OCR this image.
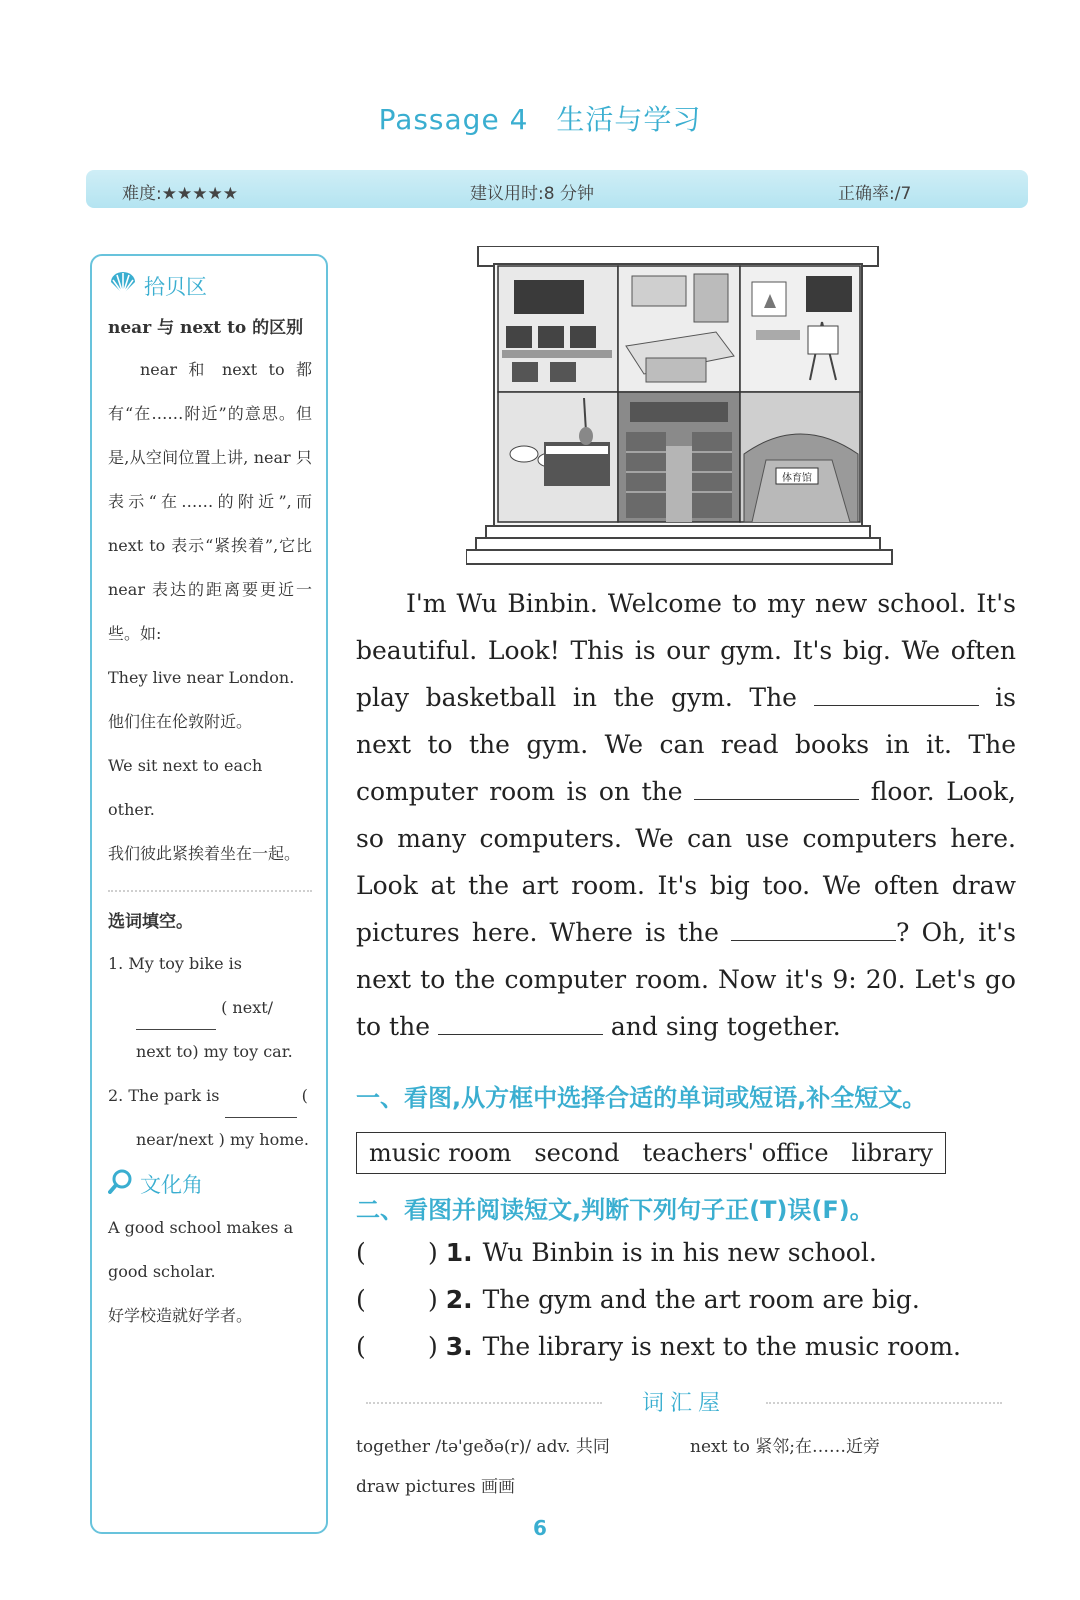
Passage 4 生活与学习
难度:★★★★★	建议用时:8 分钟	正确率:
/7
拾贝区
near 与 next to 的区别
near 和 next to 都有“在……附近”的意思。但是,从空间位置上讲, near 只表示“在……的附近”,而 next to 表示“紧挨着”,它比 near 表达的距离要更近一些。如:
They live near London.
他们住在伦敦附近。
We sit next to each other.
我们彼此紧挨着坐在一起。
选词填空。
1. My toy bike is  ( next/ next to) my toy car.
2. The park is	( near/next ) my home.
文化角
A good school makes a good scholar.
好学校造就好学者。
体育馆
I'm Wu Binbin. Welcome to my new school. It's beautiful. Look! This is our gym. It's big. We often play basketball in the gym. The	is next to the gym. We can read books in it. The computer room is on the	floor. Look, so many computers. We can use computers here. Look at the art room. It's big too. We often draw pictures here. Where is the	? Oh, it's next to the computer room. Now it's 9: 20. Let's go to the	and sing together.
一、看图,从方框中选择合适的单词或短语,补全短文。
music room second teachers' office library
二、看图并阅读短文,判断下列句子正(T)误(F)。
( ) 1. Wu Binbin is in his new school.
( ) 2. The gym and the art room are big.
( ) 3. The library is next to the music room.
词汇屋
together /tə'geðə(r)/ adv. 共同	next to 紧邻;在……近旁
draw pictures 画画
6
